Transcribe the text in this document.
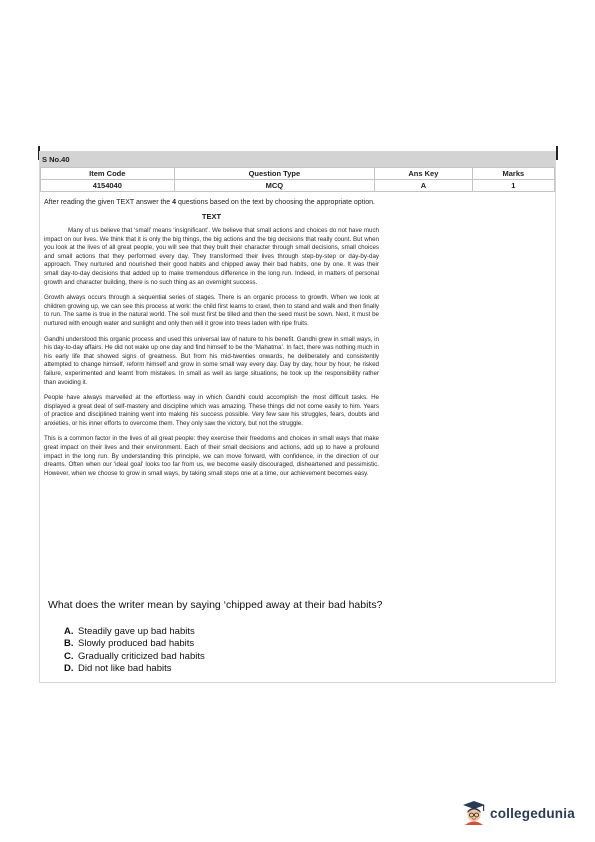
S No.40
Item Code	Question Type	Ans Key	Marks
4154040	MCQ	A	1

After reading the given TEXT answer the 4 questions based on the text by choosing the appropriate option.

TEXT

Many of us believe that ‘small’ means ‘insignificant’. We believe that small actions and choices do not have much impact on our lives. We think that it is only the big things, the big actions and the big decisions that really count. But when you look at the lives of all great people, you will see that they built their character through small decisions, small choices and small actions that they performed every day. They transformed their lives through step-by-step or day-by-day approach. They nurtured and nourished their good habits and chipped away their bad habits, one by one. It was their small day-to-day decisions that added up to make tremendous difference in the long run. Indeed, in matters of personal growth and character building, there is no such thing as an overnight success.

Growth always occurs through a sequential series of stages. There is an organic process to growth. When we look at children growing up, we can see this process at work: the child first learns to crawl, then to stand and walk and then finally to run. The same is true in the natural world. The soil must first be tilled and then the seed must be sown. Next, it must be nurtured with enough water and sunlight and only then will it grow into trees laden with ripe fruits.

Gandhi understood this organic process and used this universal law of nature to his benefit. Gandhi grew in small ways, in his day-to-day affairs. He did not wake up one day and find himself to be the ‘Mahatma’. In fact, there was nothing much in his early life that showed signs of greatness. But from his mid-twenties onwards, he deliberately and consistently attempted to change himself, reform himself and grow in some small way every day. Day by day, hour by hour, he risked failure, experimented and learnt from mistakes. In small as well as large situations, he took up the responsibility rather than avoiding it.

People have always marvelled at the effortless way in which Gandhi could accomplish the most difficult tasks. He displayed a great deal of self-mastery and discipline which was amazing. These things did not come easily to him. Years of practice and disciplined training went into making his success possible. Very few saw his struggles, fears, doubts and anxieties, or his inner efforts to overcome them. They only saw the victory, but not the struggle.

This is a common factor in the lives of all great people: they exercise their freedoms and choices in small ways that make great impact on their lives and their environment. Each of their small decisions and actions, add up to have a profound impact in the long run. By understanding this principle, we can move forward, with confidence, in the direction of our dreams. Often when our ‘ideal goal’ looks too far from us, we become easily discouraged, disheartened and pessimistic. However, when we choose to grow in small ways, by taking small steps one at a time, our achievement becomes easy.

What does the writer mean by saying ‘chipped away at their bad habits?

A. Steadily gave up bad habits
B. Slowly produced bad habits
C. Gradually criticized bad habits
D. Did not like bad habits
collegedunia
